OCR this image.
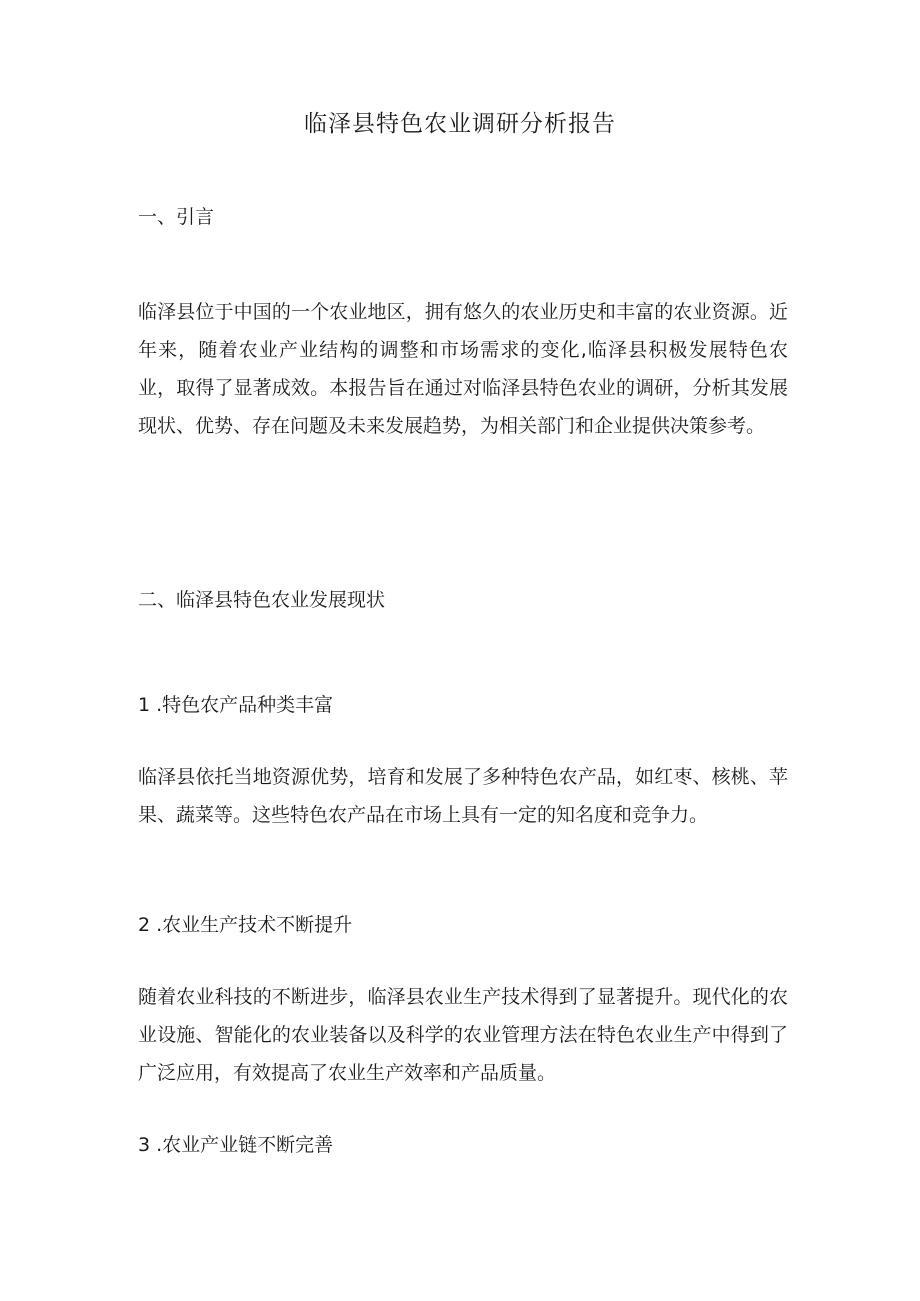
临泽县特色农业调研分析报告
一、引言

临泽县位于中国的一个农业地区，拥有悠久的农业历史和丰富的农业资源。近年来，随着农业产业结构的调整和市场需求的变化,临泽县积极发展特色农业，取得了显著成效。本报告旨在通过对临泽县特色农业的调研，分析其发展现状、优势、存在问题及未来发展趋势，为相关部门和企业提供决策参考。

二、临泽县特色农业发展现状
1 .特色农产品种类丰富

临泽县依托当地资源优势，培育和发展了多种特色农产品，如红枣、核桃、苹果、蔬菜等。这些特色农产品在市场上具有一定的知名度和竞争力。

2 .农业生产技术不断提升

随着农业科技的不断进步，临泽县农业生产技术得到了显著提升。现代化的农业设施、智能化的农业装备以及科学的农业管理方法在特色农业生产中得到了广泛应用，有效提高了农业生产效率和产品质量。

3 .农业产业链不断完善
